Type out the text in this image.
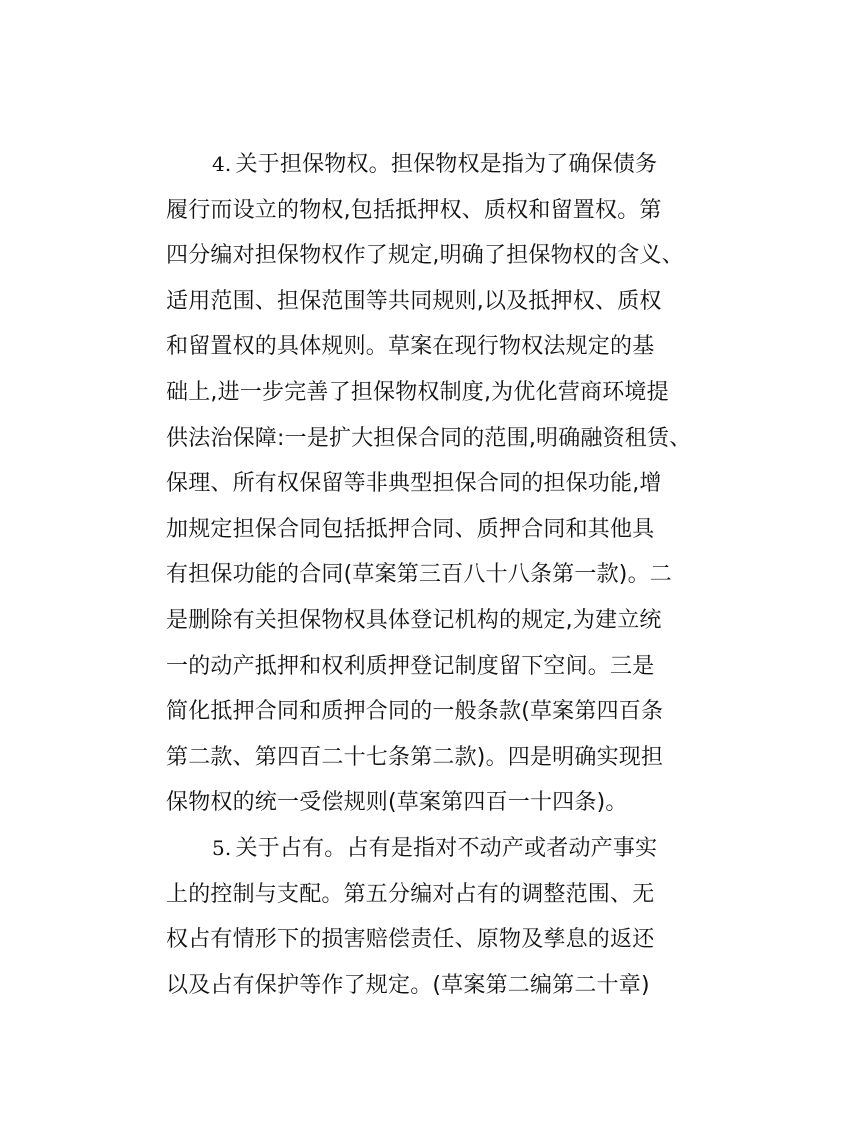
4. 关于担保物权。担保物权是指为了确保债务
履行而设立的物权,包括抵押权、质权和留置权。第
四分编对担保物权作了规定,明确了担保物权的含义、
适用范围、担保范围等共同规则,以及抵押权、质权
和留置权的具体规则。草案在现行物权法规定的基
础上,进一步完善了担保物权制度,为优化营商环境提
供法治保障:一是扩大担保合同的范围,明确融资租赁、
保理、所有权保留等非典型担保合同的担保功能,增
加规定担保合同包括抵押合同、质押合同和其他具
有担保功能的合同(草案第三百八十八条第一款)。二
是删除有关担保物权具体登记机构的规定,为建立统
一的动产抵押和权利质押登记制度留下空间。三是
简化抵押合同和质押合同的一般条款(草案第四百条
第二款、第四百二十七条第二款)。四是明确实现担
保物权的统一受偿规则(草案第四百一十四条)。
5. 关于占有。占有是指对不动产或者动产事实
上的控制与支配。第五分编对占有的调整范围、无
权占有情形下的损害赔偿责任、原物及孳息的返还
以及占有保护等作了规定。(草案第二编第二十章)
